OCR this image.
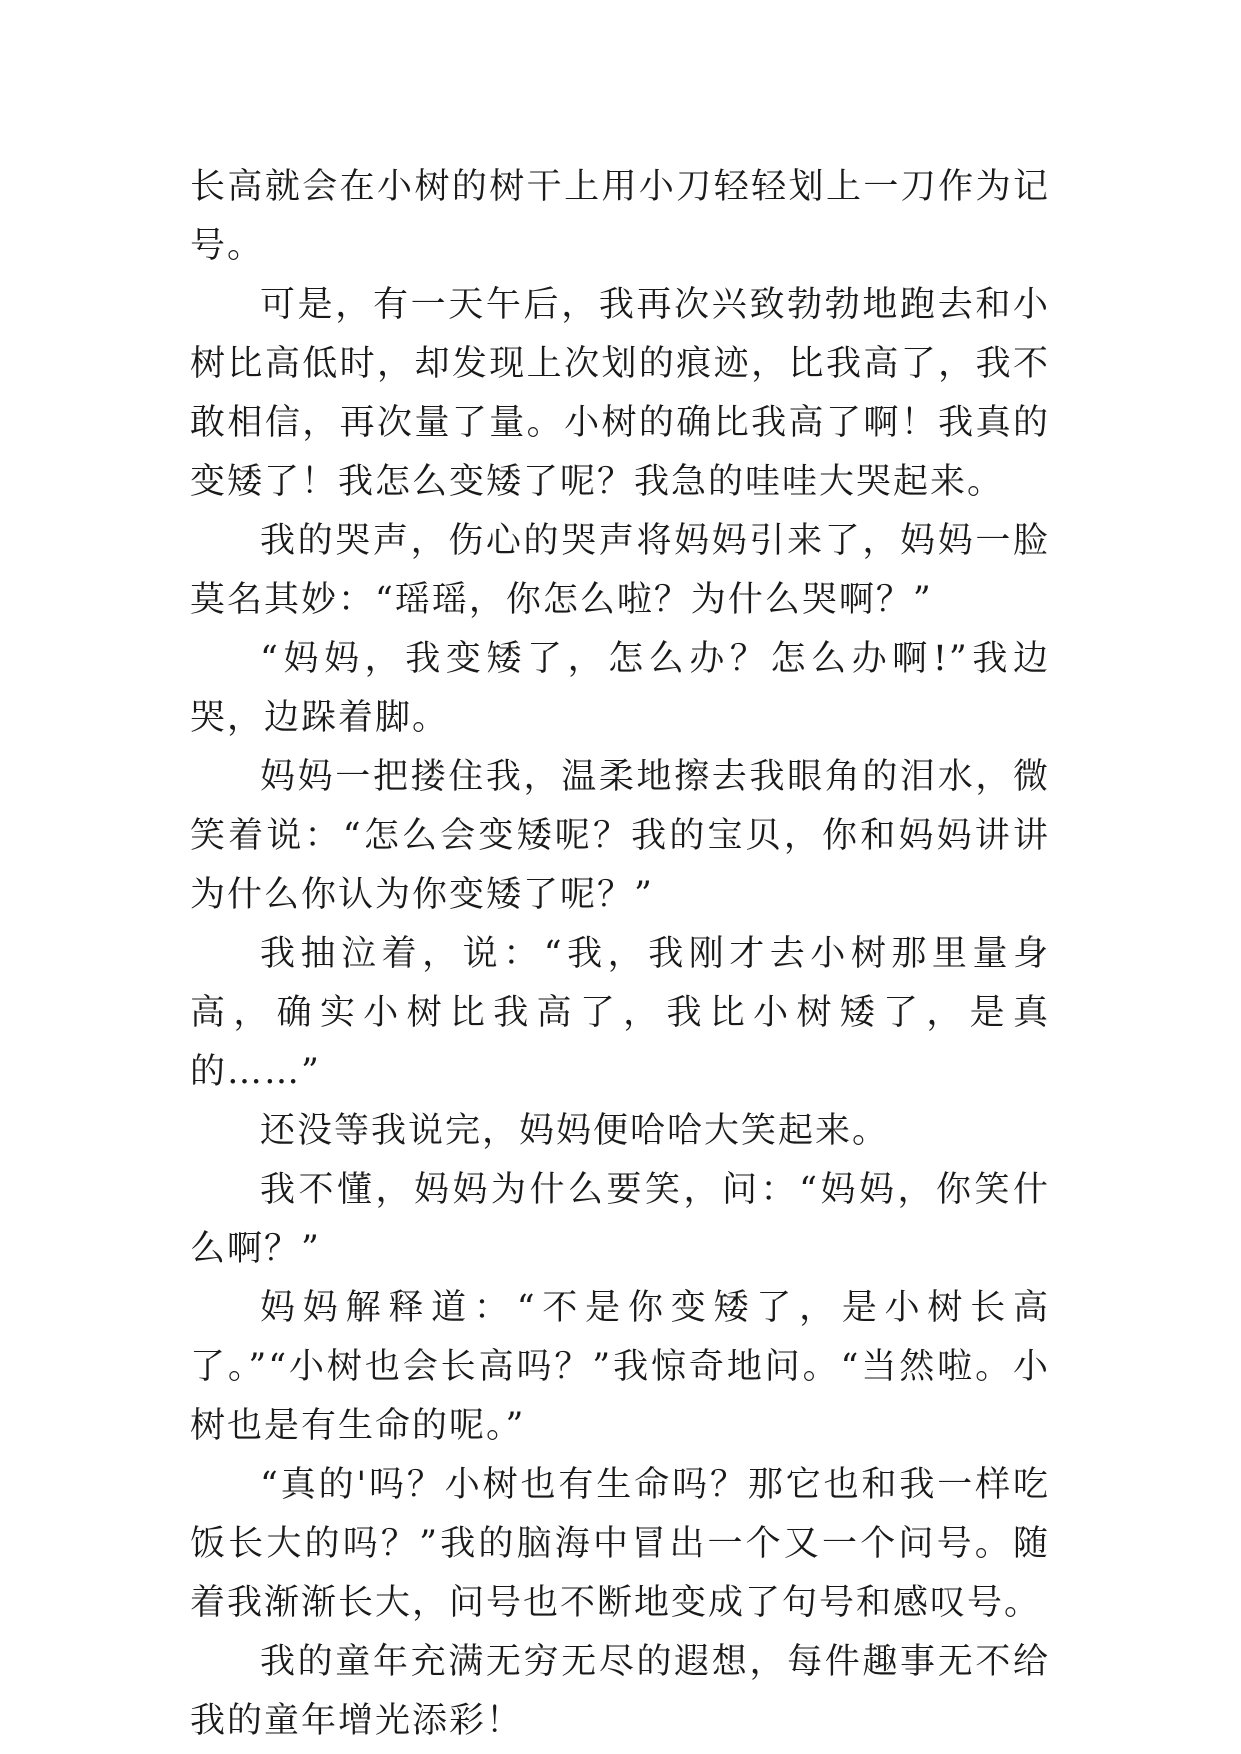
长高就会在小树的树干上用小刀轻轻划上一刀作为记号。

可是，有一天午后，我再次兴致勃勃地跑去和小树比高低时，却发现上次划的痕迹，比我高了，我不敢相信，再次量了量。小树的确比我高了啊！我真的变矮了！我怎么变矮了呢？我急的哇哇大哭起来。

我的哭声，伤心的哭声将妈妈引来了，妈妈一脸莫名其妙：“瑶瑶，你怎么啦？为什么哭啊？”

“妈妈，我变矮了，怎么办？怎么办啊!”我边哭，边跺着脚。

妈妈一把搂住我，温柔地擦去我眼角的泪水，微笑着说：“怎么会变矮呢？我的宝贝，你和妈妈讲讲为什么你认为你变矮了呢？”

我抽泣着，说：“我，我刚才去小树那里量身高，确实小树比我高了，我比小树矮了，是真的……”

还没等我说完，妈妈便哈哈大笑起来。

我不懂，妈妈为什么要笑，问：“妈妈，你笑什么啊？”

妈妈解释道：“不是你变矮了，是小树长高了。”“小树也会长高吗？”我惊奇地问。“当然啦。小树也是有生命的呢。”

“真的'吗？小树也有生命吗？那它也和我一样吃饭长大的吗？”我的脑海中冒出一个又一个问号。随着我渐渐长大，问号也不断地变成了句号和感叹号。

我的童年充满无穷无尽的遐想，每件趣事无不给我的童年增光添彩！
